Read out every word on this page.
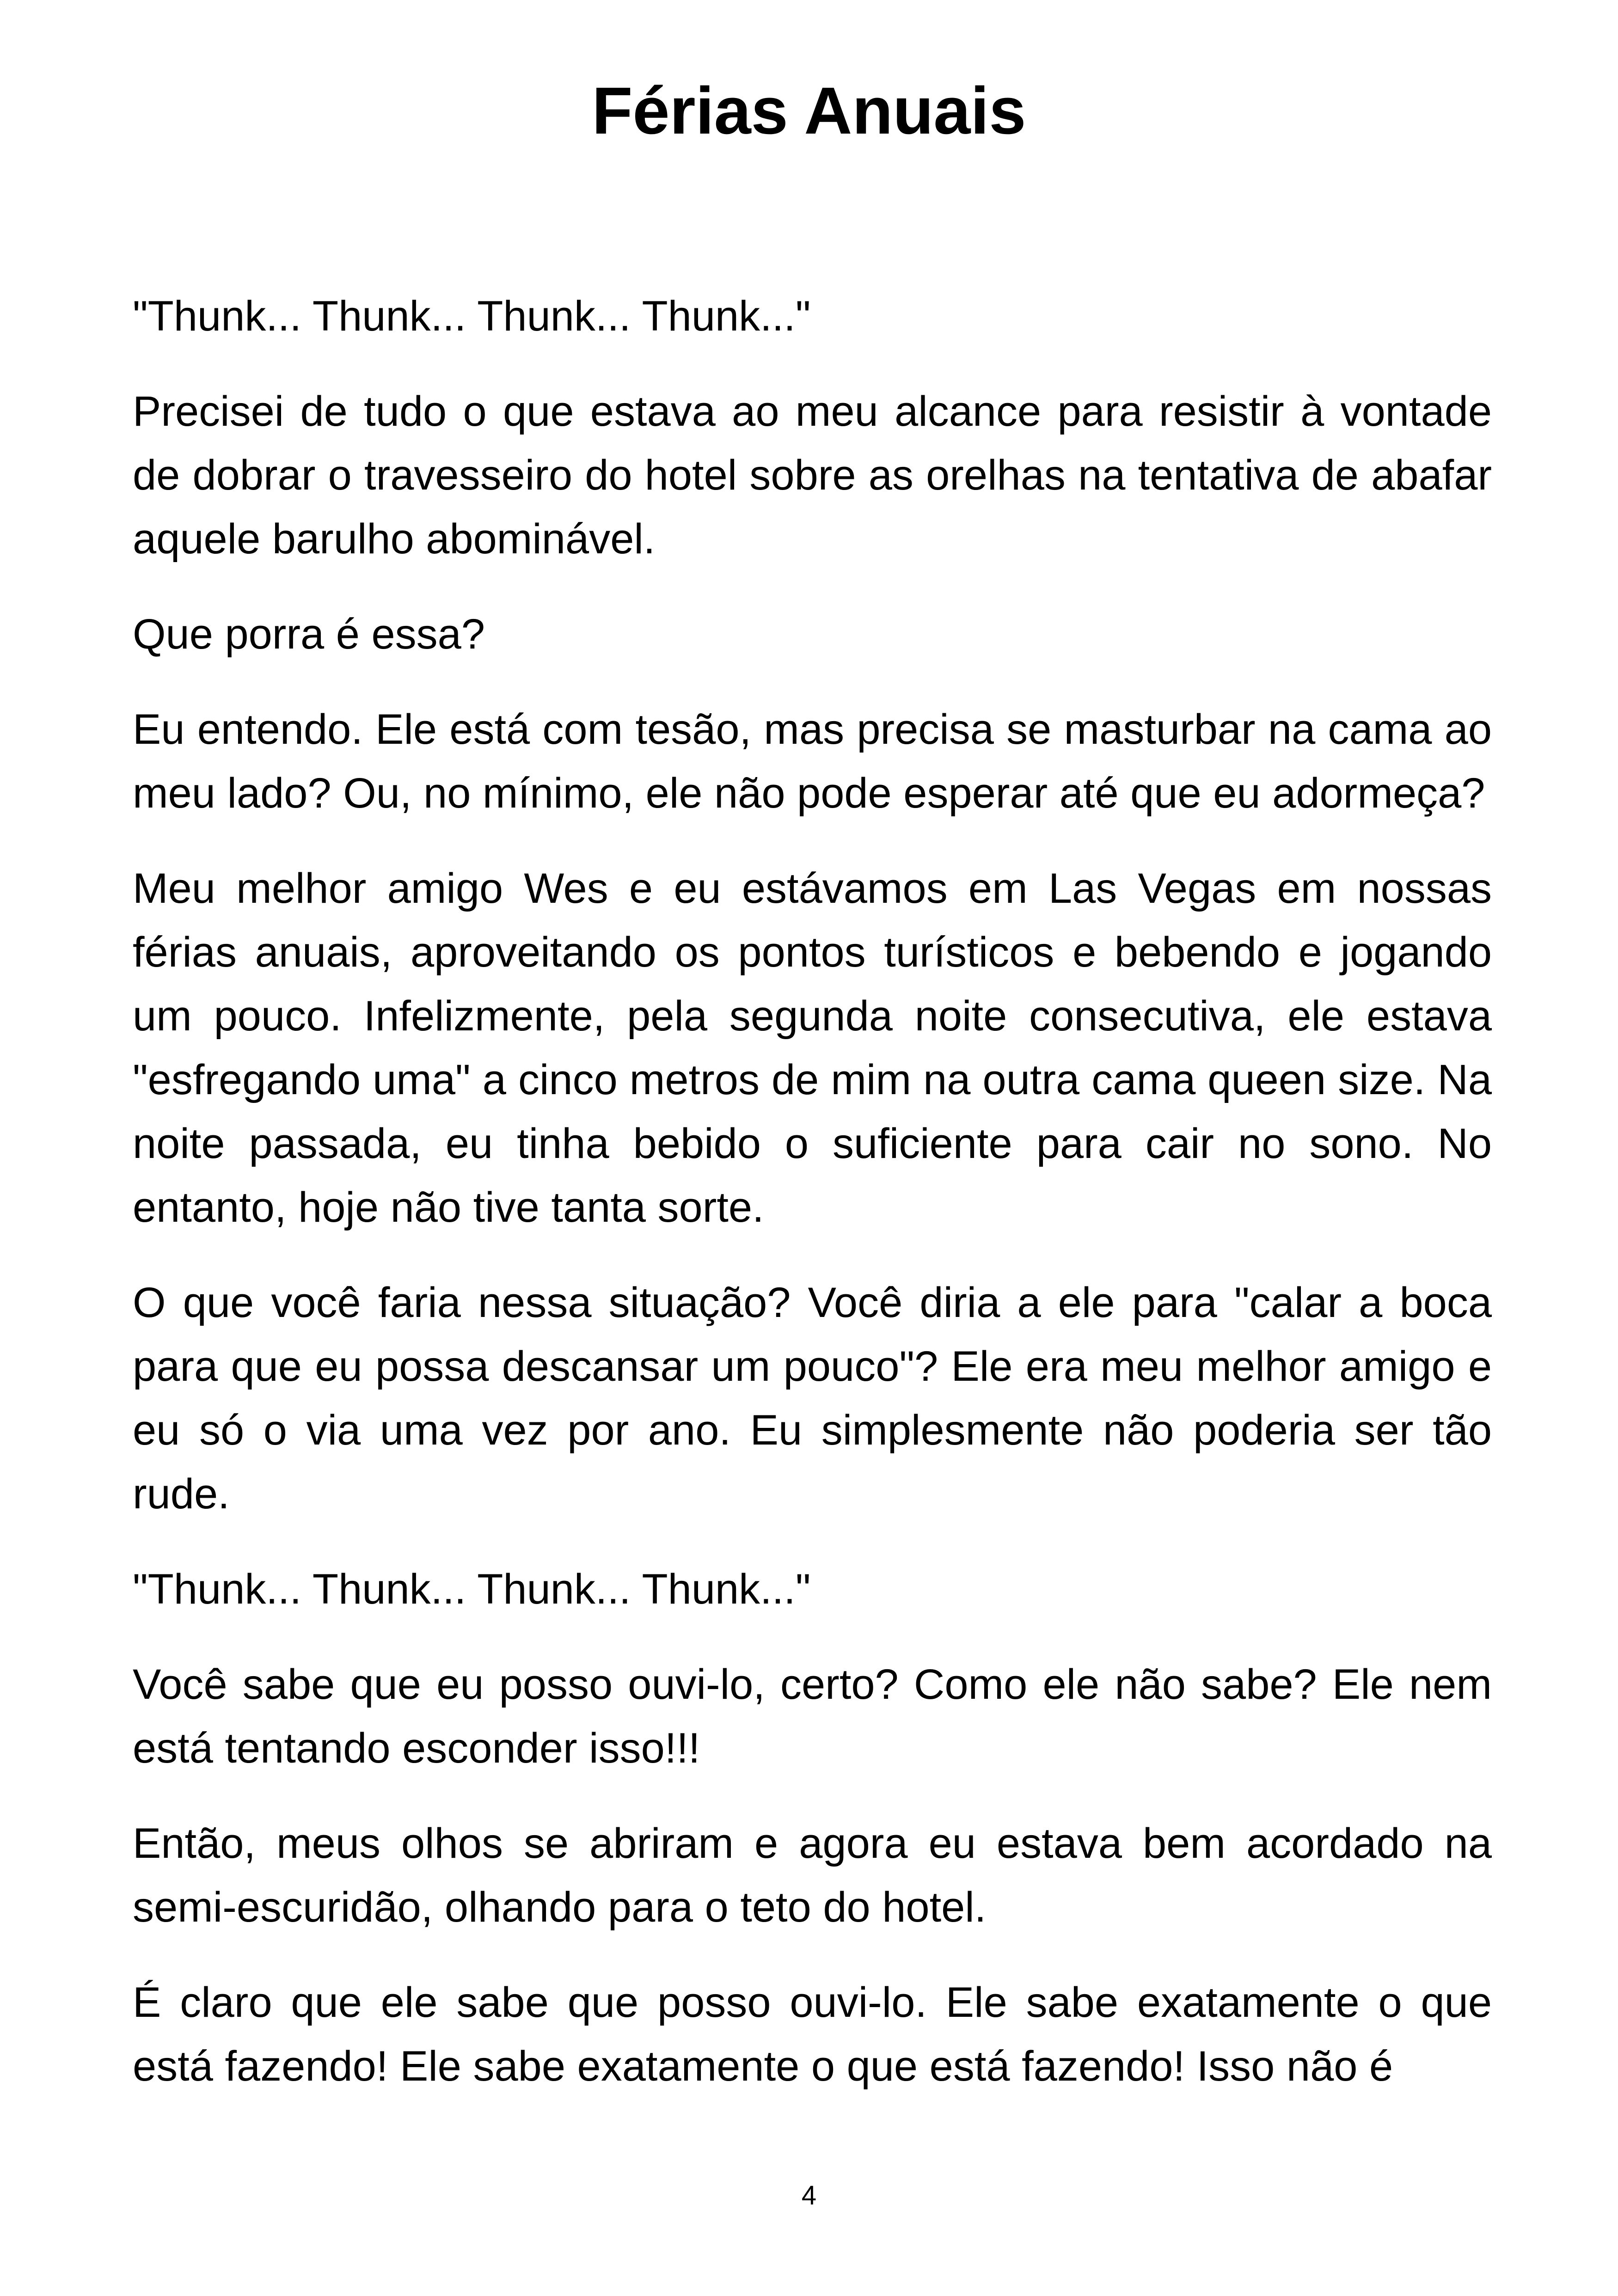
Férias Anuais

"Thunk... Thunk... Thunk... Thunk..."

Precisei de tudo o que estava ao meu alcance para resistir à vontade de dobrar o travesseiro do hotel sobre as orelhas na tentativa de abafar aquele barulho abominável.

Que porra é essa?

Eu entendo. Ele está com tesão, mas precisa se masturbar na cama ao meu lado? Ou, no mínimo, ele não pode esperar até que eu adormeça?

Meu melhor amigo Wes e eu estávamos em Las Vegas em nossas férias anuais, aproveitando os pontos turísticos e bebendo e jogando um pouco. Infelizmente, pela segunda noite consecutiva, ele estava "esfregando uma" a cinco metros de mim na outra cama queen size. Na noite passada, eu tinha bebido o suficiente para cair no sono. No entanto, hoje não tive tanta sorte.

O que você faria nessa situação? Você diria a ele para "calar a boca para que eu possa descansar um pouco"? Ele era meu melhor amigo e eu só o via uma vez por ano. Eu simplesmente não poderia ser tão rude.

"Thunk... Thunk... Thunk... Thunk..."

Você sabe que eu posso ouvi-lo, certo? Como ele não sabe? Ele nem está tentando esconder isso!!!

Então, meus olhos se abriram e agora eu estava bem acordado na semi-escuridão, olhando para o teto do hotel.

É claro que ele sabe que posso ouvi-lo. Ele sabe exatamente o que está fazendo! Ele sabe exatamente o que está fazendo! Isso não é

4
